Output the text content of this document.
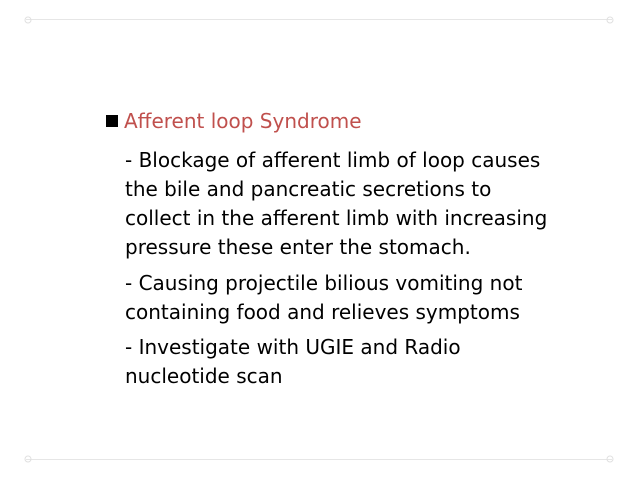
Afferent loop Syndrome
- Blockage of afferent limb of loop causes
the bile and pancreatic secretions to
collect in the afferent limb with increasing
pressure these enter the stomach.
- Causing projectile bilious vomiting not
containing food and relieves symptoms
- Investigate with UGIE and Radio
nucleotide scan
